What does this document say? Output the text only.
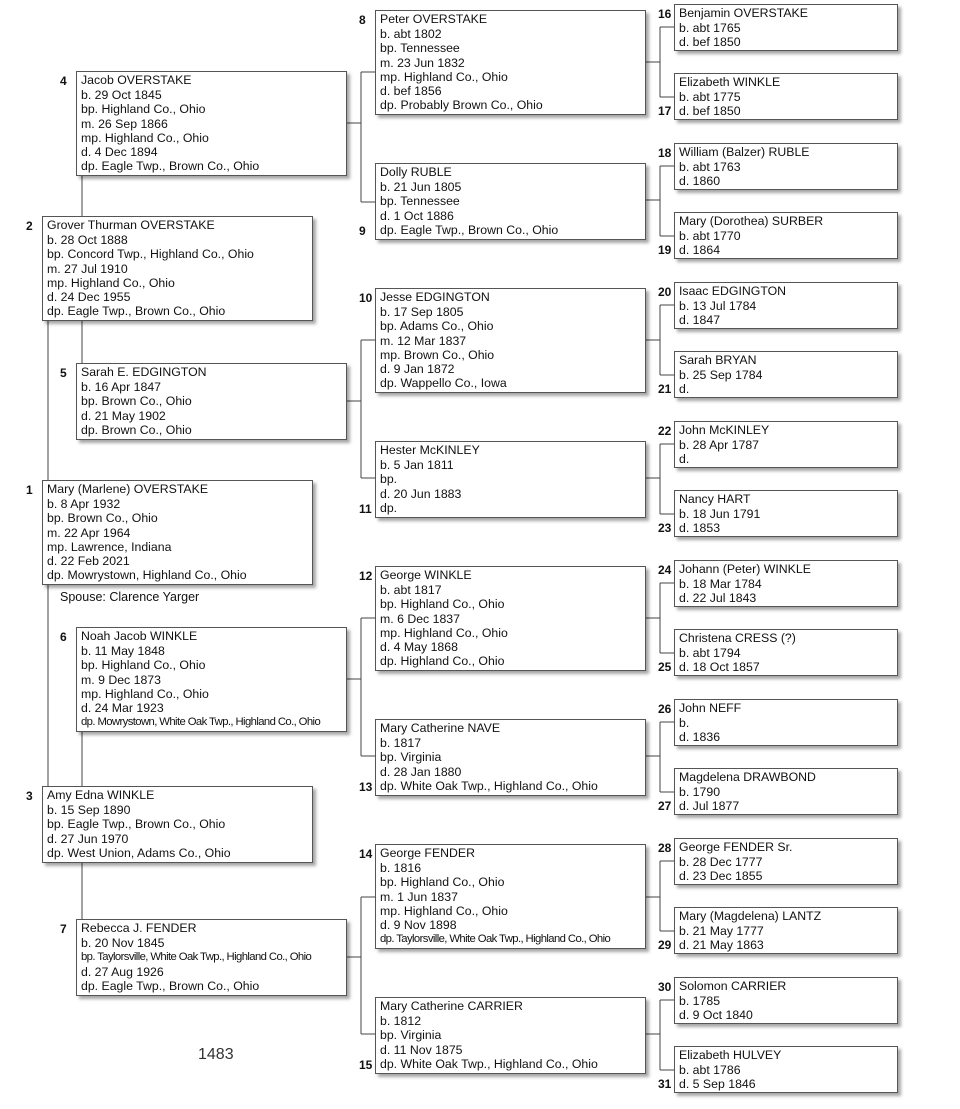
1 Mary (Marlene) OVERSTAKE
b. 8 Apr 1932
bp. Brown Co., Ohio
m. 22 Apr 1964
mp. Lawrence, Indiana
d. 22 Feb 2021
dp. Mowrystown, Highland Co., Ohio
Spouse: Clarence Yarger
2 Grover Thurman OVERSTAKE
b. 28 Oct 1888
bp. Concord Twp., Highland Co., Ohio
m. 27 Jul 1910
mp. Highland Co., Ohio
d. 24 Dec 1955
dp. Eagle Twp., Brown Co., Ohio
3 Amy Edna WINKLE
b. 15 Sep 1890
bp. Eagle Twp., Brown Co., Ohio
d. 27 Jun 1970
dp. West Union, Adams Co., Ohio
4 Jacob OVERSTAKE
b. 29 Oct 1845
bp. Highland Co., Ohio
m. 26 Sep 1866
mp. Highland Co., Ohio
d. 4 Dec 1894
dp. Eagle Twp., Brown Co., Ohio
5 Sarah E. EDGINGTON
b. 16 Apr 1847
bp. Brown Co., Ohio
d. 21 May 1902
dp. Brown Co., Ohio
6 Noah Jacob WINKLE
b. 11 May 1848
bp. Highland Co., Ohio
m. 9 Dec 1873
mp. Highland Co., Ohio
d. 24 Mar 1923
dp. Mowrystown, White Oak Twp., Highland Co., Ohio
7 Rebecca J. FENDER
b. 20 Nov 1845
bp. Taylorsville, White Oak Twp., Highland Co., Ohio
d. 27 Aug 1926
dp. Eagle Twp., Brown Co., Ohio
8 Peter OVERSTAKE
b. abt 1802
bp. Tennessee
m. 23 Jun 1832
mp. Highland Co., Ohio
d. bef 1856
dp. Probably Brown Co., Ohio
9
Dolly RUBLE
b. 21 Jun 1805
bp. Tennessee
d. 1 Oct 1886
dp. Eagle Twp., Brown Co., Ohio
10 Jesse EDGINGTON
b. 17 Sep 1805
bp. Adams Co., Ohio
m. 12 Mar 1837
mp. Brown Co., Ohio
d. 9 Jan 1872
dp. Wappello Co., Iowa
11
Hester McKINLEY
b. 5 Jan 1811
bp.
d. 20 Jun 1883
dp.
12 George WINKLE
b. abt 1817
bp. Highland Co., Ohio
m. 6 Dec 1837
mp. Highland Co., Ohio
d. 4 May 1868
dp. Highland Co., Ohio
13
Mary Catherine NAVE
b. 1817
bp. Virginia
d. 28 Jan 1880
dp. White Oak Twp., Highland Co., Ohio
14 George FENDER
b. 1816
bp. Highland Co., Ohio
m. 1 Jun 1837
mp. Highland Co., Ohio
d. 9 Nov 1898
dp. Taylorsville, White Oak Twp., Highland Co., Ohio
15
Mary Catherine CARRIER
b. 1812
bp. Virginia
d. 11 Nov 1875
dp. White Oak Twp., Highland Co., Ohio
16 Benjamin OVERSTAKE
b. abt 1765
d. bef 1850
17
Elizabeth WINKLE
b. abt 1775
d. bef 1850
18 William (Balzer) RUBLE
b. abt 1763
d. 1860
19
Mary (Dorothea) SURBER
b. abt 1770
d. 1864
20 Isaac EDGINGTON
b. 13 Jul 1784
d. 1847
21
Sarah BRYAN
b. 25 Sep 1784
d.
22 John McKINLEY
b. 28 Apr 1787
d.
23
Nancy HART
b. 18 Jun 1791
d. 1853
24 Johann (Peter) WINKLE
b. 18 Mar 1784
d. 22 Jul 1843
25
Christena CRESS (?)
b. abt 1794
d. 18 Oct 1857
26 John NEFF
b.
d. 1836
27
Magdelena DRAWBOND
b. 1790
d. Jul 1877
28 George FENDER Sr.
b. 28 Dec 1777
d. 23 Dec 1855
29
Mary (Magdelena) LANTZ
b. 21 May 1777
d. 21 May 1863
30 Solomon CARRIER
b. 1785
d. 9 Oct 1840
31
Elizabeth HULVEY
b. abt 1786
d. 5 Sep 1846
1483
